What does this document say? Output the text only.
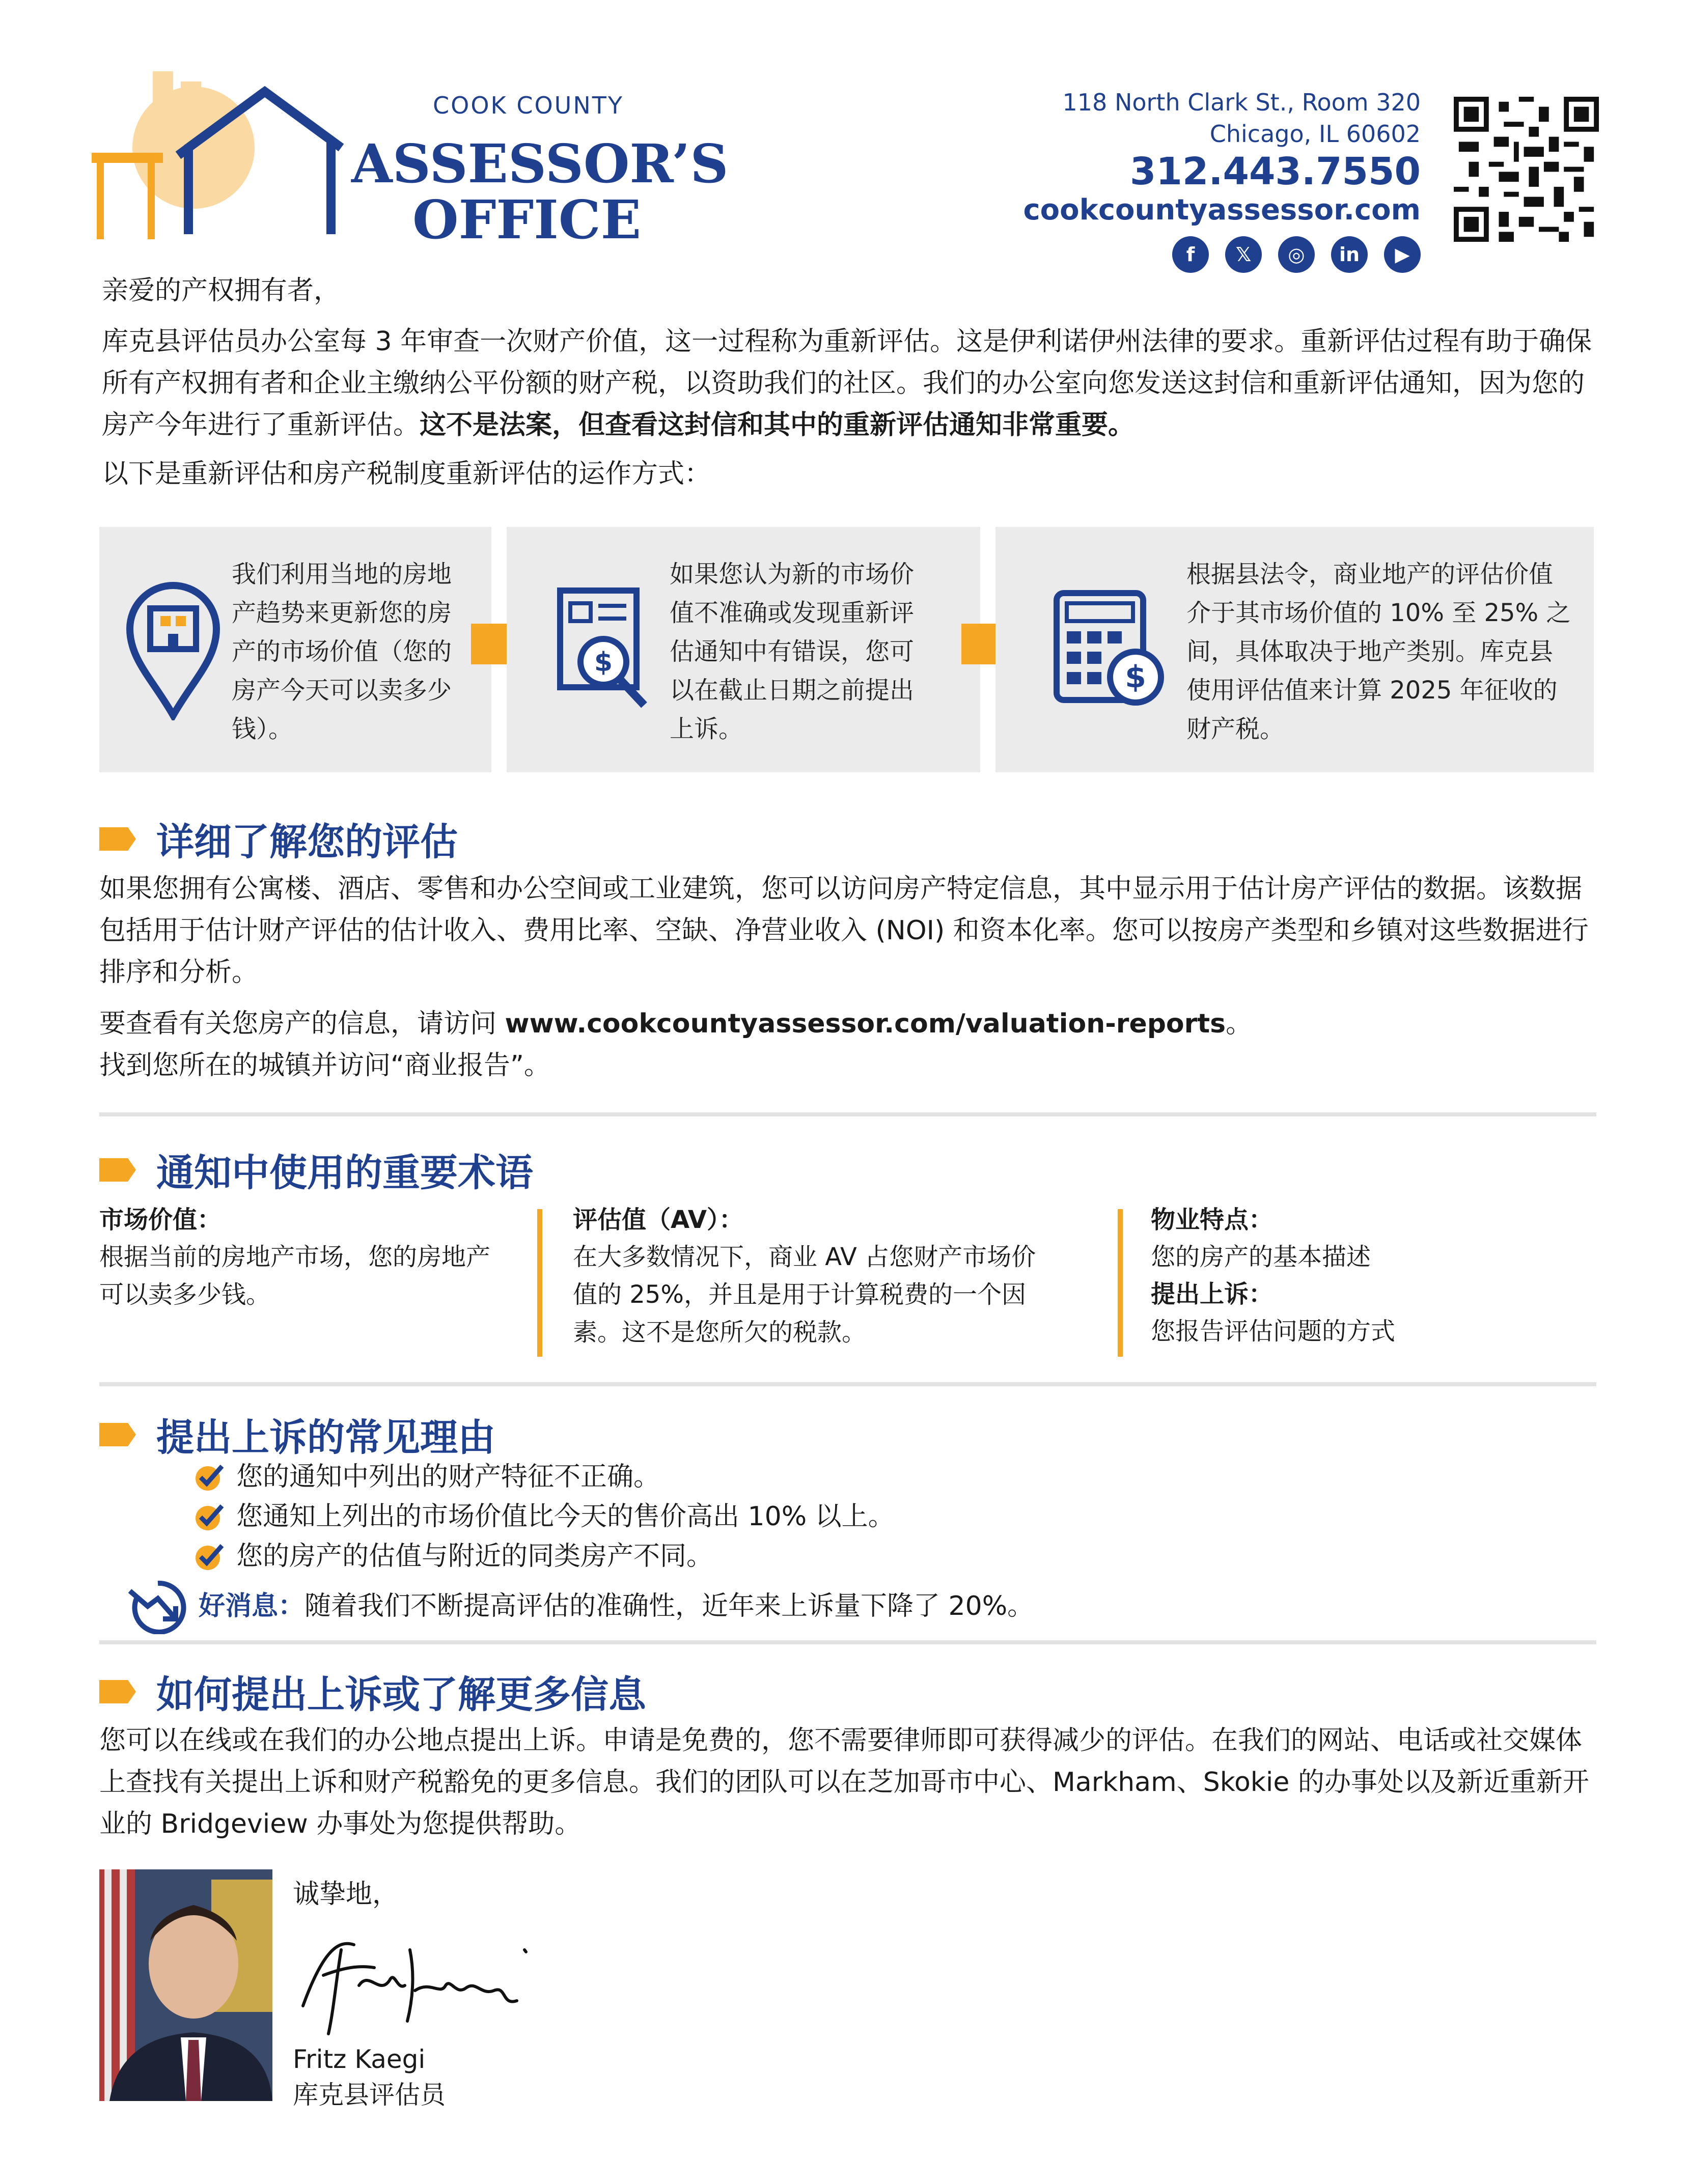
COOK COUNTY
ASSESSOR’S
OFFICE
118 North Clark St., Room 320
Chicago, IL 60602
312.443.7550
cookcountyassessor.com
f	𝕏	◎	in	▶
亲爱的产权拥有者，
库克县评估员办公室每 3 年审查一次财产价值，这一过程称为重新评估。这是伊利诺伊州法律的要求。重新评估过程有助于确保所有产权拥有者和企业主缴纳公平份额的财产税，以资助我们的社区。我们的办公室向您发送这封信和重新评估通知，因为您的房产今年进行了重新评估。这不是法案，但查看这封信和其中的重新评估通知非常重要。
以下是重新评估和房产税制度重新评估的运作方式：
我们利用当地的房地产趋势来更新您的房产的市场价值（您的房产今天可以卖多少钱）。
$
如果您认为新的市场价值不准确或发现重新评估通知中有错误，您可以在截止日期之前提出上诉。
$
根据县法令，商业地产的评估价值介于其市场价值的 10% 至 25% 之间，具体取决于地产类别。库克县使用评估值来计算 2025 年征收的财产税。
详细了解您的评估
如果您拥有公寓楼、酒店、零售和办公空间或工业建筑，您可以访问房产特定信息，其中显示用于估计房产评估的数据。该数据包括用于估计财产评估的估计收入、费用比率、空缺、净营业收入 (NOI) 和资本化率。您可以按房产类型和乡镇对这些数据进行排序和分析。
要查看有关您房产的信息，请访问 www.cookcountyassessor.com/valuation-reports。
找到您所在的城镇并访问“商业报告”。
通知中使用的重要术语
市场价值：
根据当前的房地产市场，您的房地产可以卖多少钱。
评估值（AV）：
在大多数情况下，商业 AV 占您财产市场价值的 25%，并且是用于计算税费的一个因素。这不是您所欠的税款。
物业特点：
您的房产的基本描述
提出上诉：
您报告评估问题的方式
提出上诉的常见理由
您的通知中列出的财产特征不正确。
您通知上列出的市场价值比今天的售价高出 10% 以上。
您的房产的估值与附近的同类房产不同。
好消息： 随着我们不断提高评估的准确性，近年来上诉量下降了 20%。
如何提出上诉或了解更多信息
您可以在线或在我们的办公地点提出上诉。申请是免费的，您不需要律师即可获得减少的评估。在我们的网站、电话或社交媒体上查找有关提出上诉和财产税豁免的更多信息。我们的团队可以在芝加哥市中心、Markham、Skokie 的办事处以及新近重新开业的 Bridgeview 办事处为您提供帮助。
诚挚地，
Fritz Kaegi
库克县评估员
